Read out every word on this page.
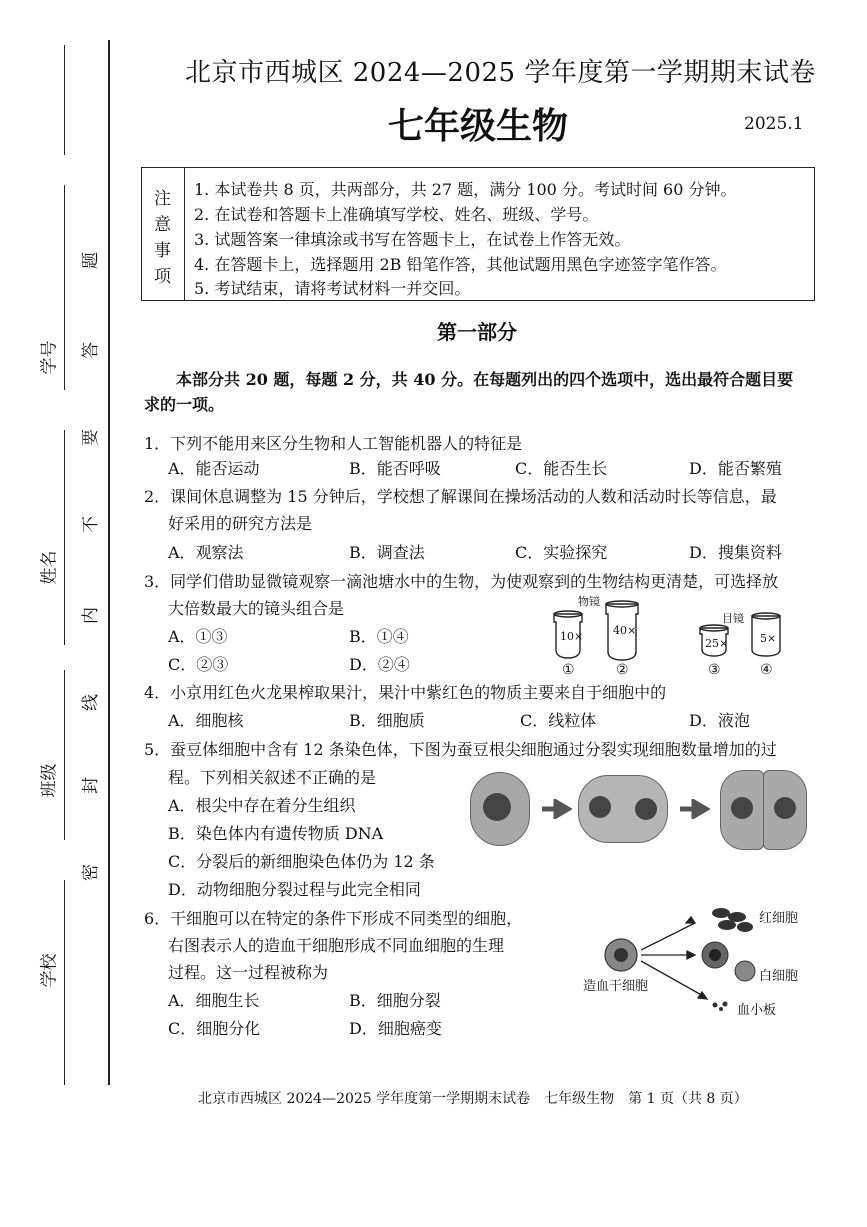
学号
姓名
班级
学校
题
答
要
不
内
线
封
密
北京市西城区 2024—2025 学年度第一学期期末试卷
七年级生物	2025.1
注
意
事
项
1. 本试卷共 8 页，共两部分，共 27 题，满分 100 分。考试时间 60 分钟。
2. 在试卷和答题卡上准确填写学校、姓名、班级、学号。
3. 试题答案一律填涂或书写在答题卡上，在试卷上作答无效。
4. 在答题卡上，选择题用 2B 铅笔作答，其他试题用黑色字迹签字笔作答。
5. 考试结束，请将考试材料一并交回。
第一部分
本部分共 20 题，每题 2 分，共 40 分。在每题列出的四个选项中，选出最符合题目要
求的一项。
1．下列不能用来区分生物和人工智能机器人的特征是
A．能否运动	B．能否呼吸	C．能否生长	D．能否繁殖
2．课间休息调整为 15 分钟后，学校想了解课间在操场活动的人数和活动时长等信息，最
好采用的研究方法是
A．观察法	B．调查法	C．实验探究	D．搜集资料
3．同学们借助显微镜观察一滴池塘水中的生物，为使观察到的生物结构更清楚，可选择放
大倍数最大的镜头组合是
A．①③	B．①④
C．②③	D．②④
物镜
目镜
10×	40×
25×	5×
①	②	③	④
4．小京用红色火龙果榨取果汁，果汁中紫红色的物质主要来自于细胞中的
A．细胞核	B．细胞质	C．线粒体	D．液泡
5．蚕豆体细胞中含有 12 条染色体，下图为蚕豆根尖细胞通过分裂实现细胞数量增加的过
程。下列相关叙述不正确的是
A．根尖中存在着分生组织
B．染色体内有遗传物质 DNA
C．分裂后的新细胞染色体仍为 12 条
D．动物细胞分裂过程与此完全相同
6．干细胞可以在特定的条件下形成不同类型的细胞，
右图表示人的造血干细胞形成不同血细胞的生理
过程。这一过程被称为
A．细胞生长	B．细胞分裂
C．细胞分化	D．细胞癌变
造血干细胞
红细胞
白细胞
血小板
北京市西城区 2024—2025 学年度第一学期期末试卷　七年级生物　第 1 页（共 8 页）
